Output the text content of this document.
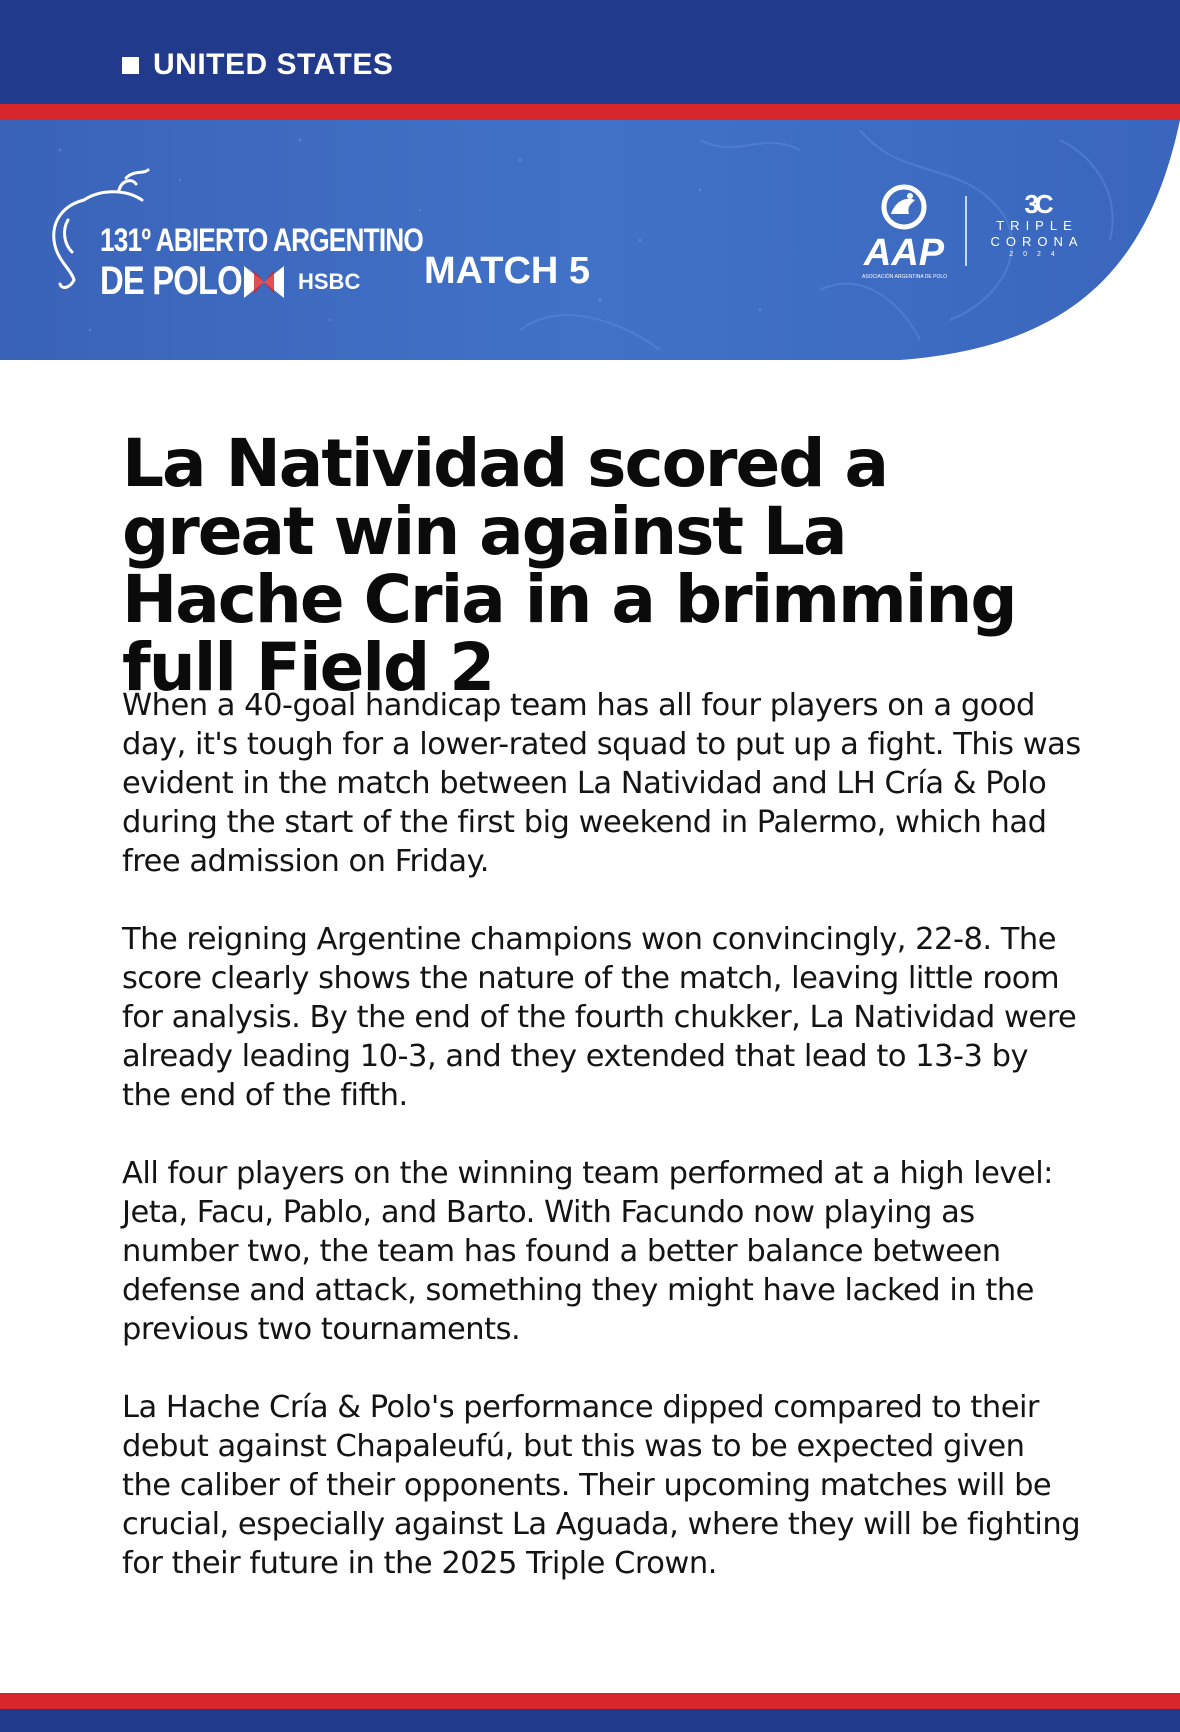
UNITED STATES
131º ABIERTO ARGENTINO
DE POLO	HSBC MATCH 5	AAP
ASOCIACIÓN ARGENTINA DE POLO
3C
TRIPLE
CORONA
2024
La Natividad scored a great win against La Hache Cria in a brimming full Field 2

When a 40-goal handicap team has all four players on a good day, it's tough for a lower-rated squad to put up a fight. This was evident in the match between La Natividad and LH Cría & Polo during the start of the first big weekend in Palermo, which had free admission on Friday.

The reigning Argentine champions won convincingly, 22-8. The score clearly shows the nature of the match, leaving little room for analysis. By the end of the fourth chukker, La Natividad were already leading 10-3, and they extended that lead to 13-3 by the end of the fifth.

All four players on the winning team performed at a high level: Jeta, Facu, Pablo, and Barto. With Facundo now playing as number two, the team has found a better balance between defense and attack, something they might have lacked in the previous two tournaments.

La Hache Cría & Polo's performance dipped compared to their debut against Chapaleufú, but this was to be expected given the caliber of their opponents. Their upcoming matches will be crucial, especially against La Aguada, where they will be fighting for their future in the 2025 Triple Crown.
